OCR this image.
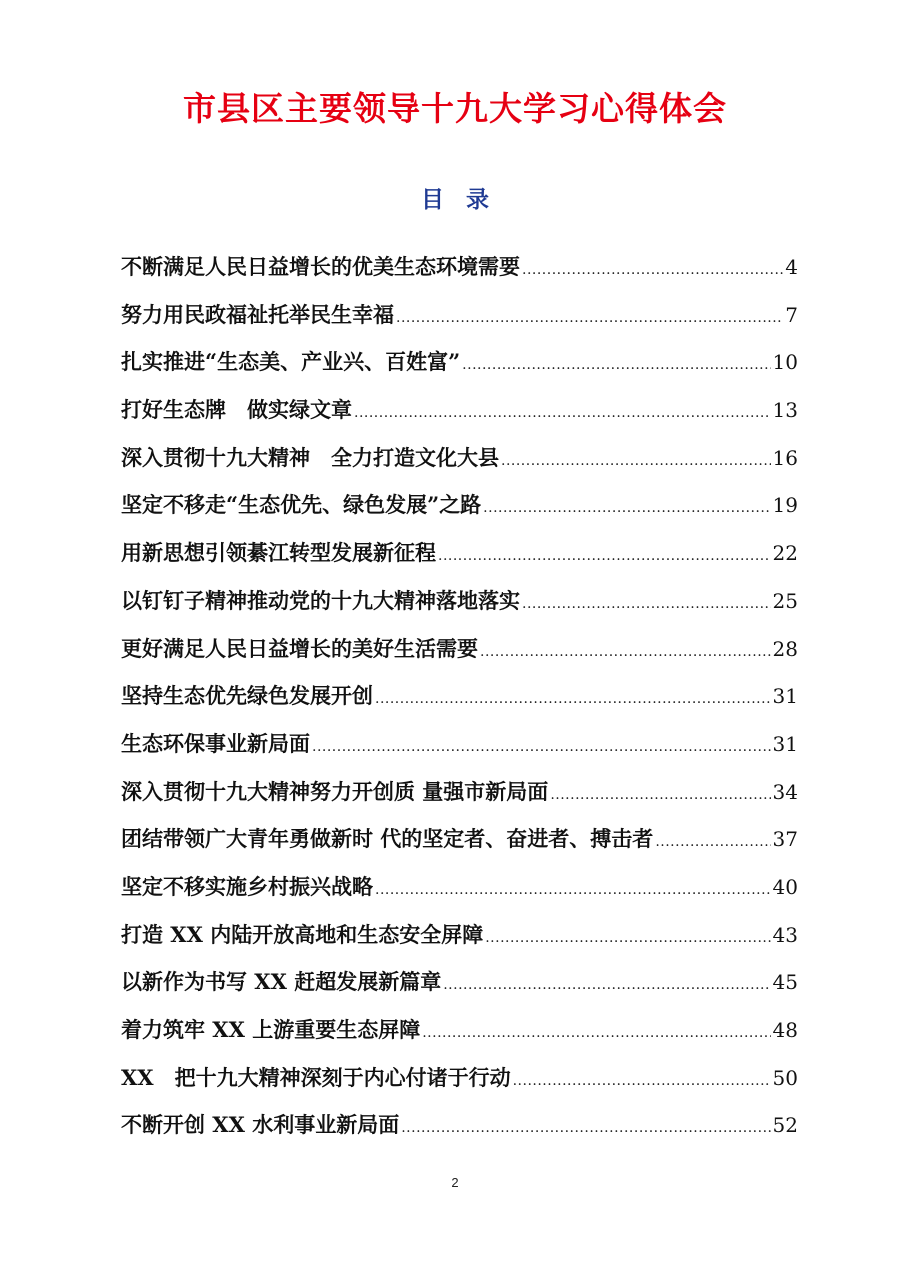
市县区主要领导十九大学习心得体会
目录
不断满足人民日益增长的优美生态环境需要 .....	4
努力用民政福祉托举民生幸福 .....	7
扎实推进“生态美、产业兴、百姓富” .....	10
打好生态牌　做实绿文章 .....	13
深入贯彻十九大精神　全力打造文化大县 .....	16
坚定不移走“生态优先、绿色发展”之路 .....	19
用新思想引领綦江转型发展新征程 .....	22
以钉钉子精神推动党的十九大精神落地落实 .....	25
更好满足人民日益增长的美好生活需要 .....	28
坚持生态优先绿色发展开创 .....	31
生态环保事业新局面 .....	31
深入贯彻十九大精神努力开创质 量强市新局面 .....	34
团结带领广大青年勇做新时 代的坚定者、奋进者、搏击者 .....	37
坚定不移实施乡村振兴战略 .....	40
打造 XX 内陆开放高地和生态安全屏障 .....	43
以新作为书写 XX 赶超发展新篇章 .....	45
着力筑牢 XX 上游重要生态屏障 .....	48
XX　把十九大精神深刻于内心付诸于行动 .....	50
不断开创 XX 水利事业新局面 .....	52
2
